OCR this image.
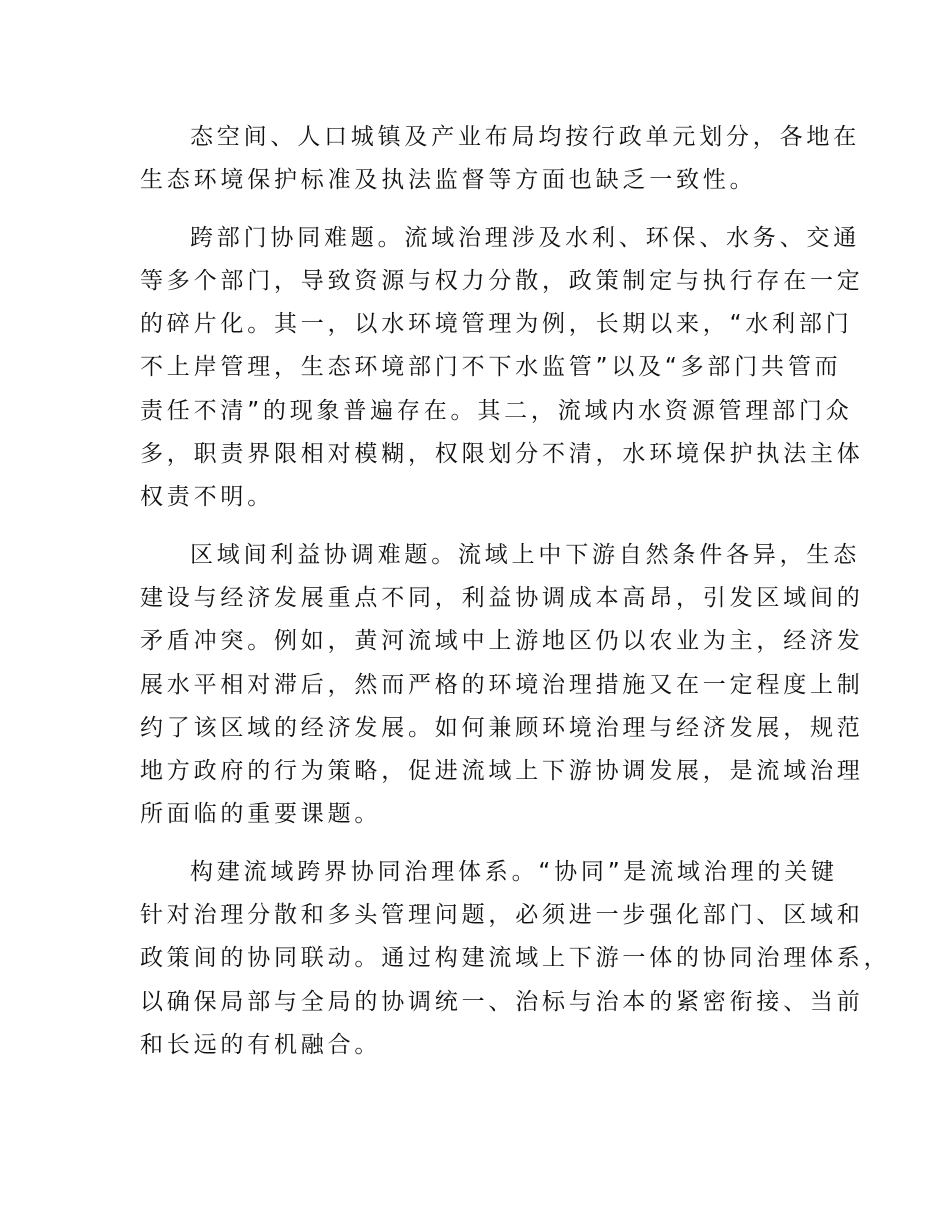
态空间、人口城镇及产业布局均按行政单元划分，各地在
生态环境保护标准及执法监督等方面也缺乏一致性。
跨部门协同难题。流域治理涉及水利、环保、水务、交通
等多个部门，导致资源与权力分散，政策制定与执行存在一定
的碎片化。其一，以水环境管理为例，长期以来，“水利部门
不上岸管理，生态环境部门不下水监管”以及“多部门共管而
责任不清”的现象普遍存在。其二，流域内水资源管理部门众
多，职责界限相对模糊，权限划分不清，水环境保护执法主体
权责不明。
区域间利益协调难题。流域上中下游自然条件各异，生态
建设与经济发展重点不同，利益协调成本高昂，引发区域间的
矛盾冲突。例如，黄河流域中上游地区仍以农业为主，经济发
展水平相对滞后，然而严格的环境治理措施又在一定程度上制
约了该区域的经济发展。如何兼顾环境治理与经济发展，规范
地方政府的行为策略，促进流域上下游协调发展，是流域治理
所面临的重要课题。
构建流域跨界协同治理体系。“协同”是流域治理的关键
针对治理分散和多头管理问题，必须进一步强化部门、区域和
政策间的协同联动。通过构建流域上下游一体的协同治理体系，
以确保局部与全局的协调统一、治标与治本的紧密衔接、当前
和长远的有机融合。
